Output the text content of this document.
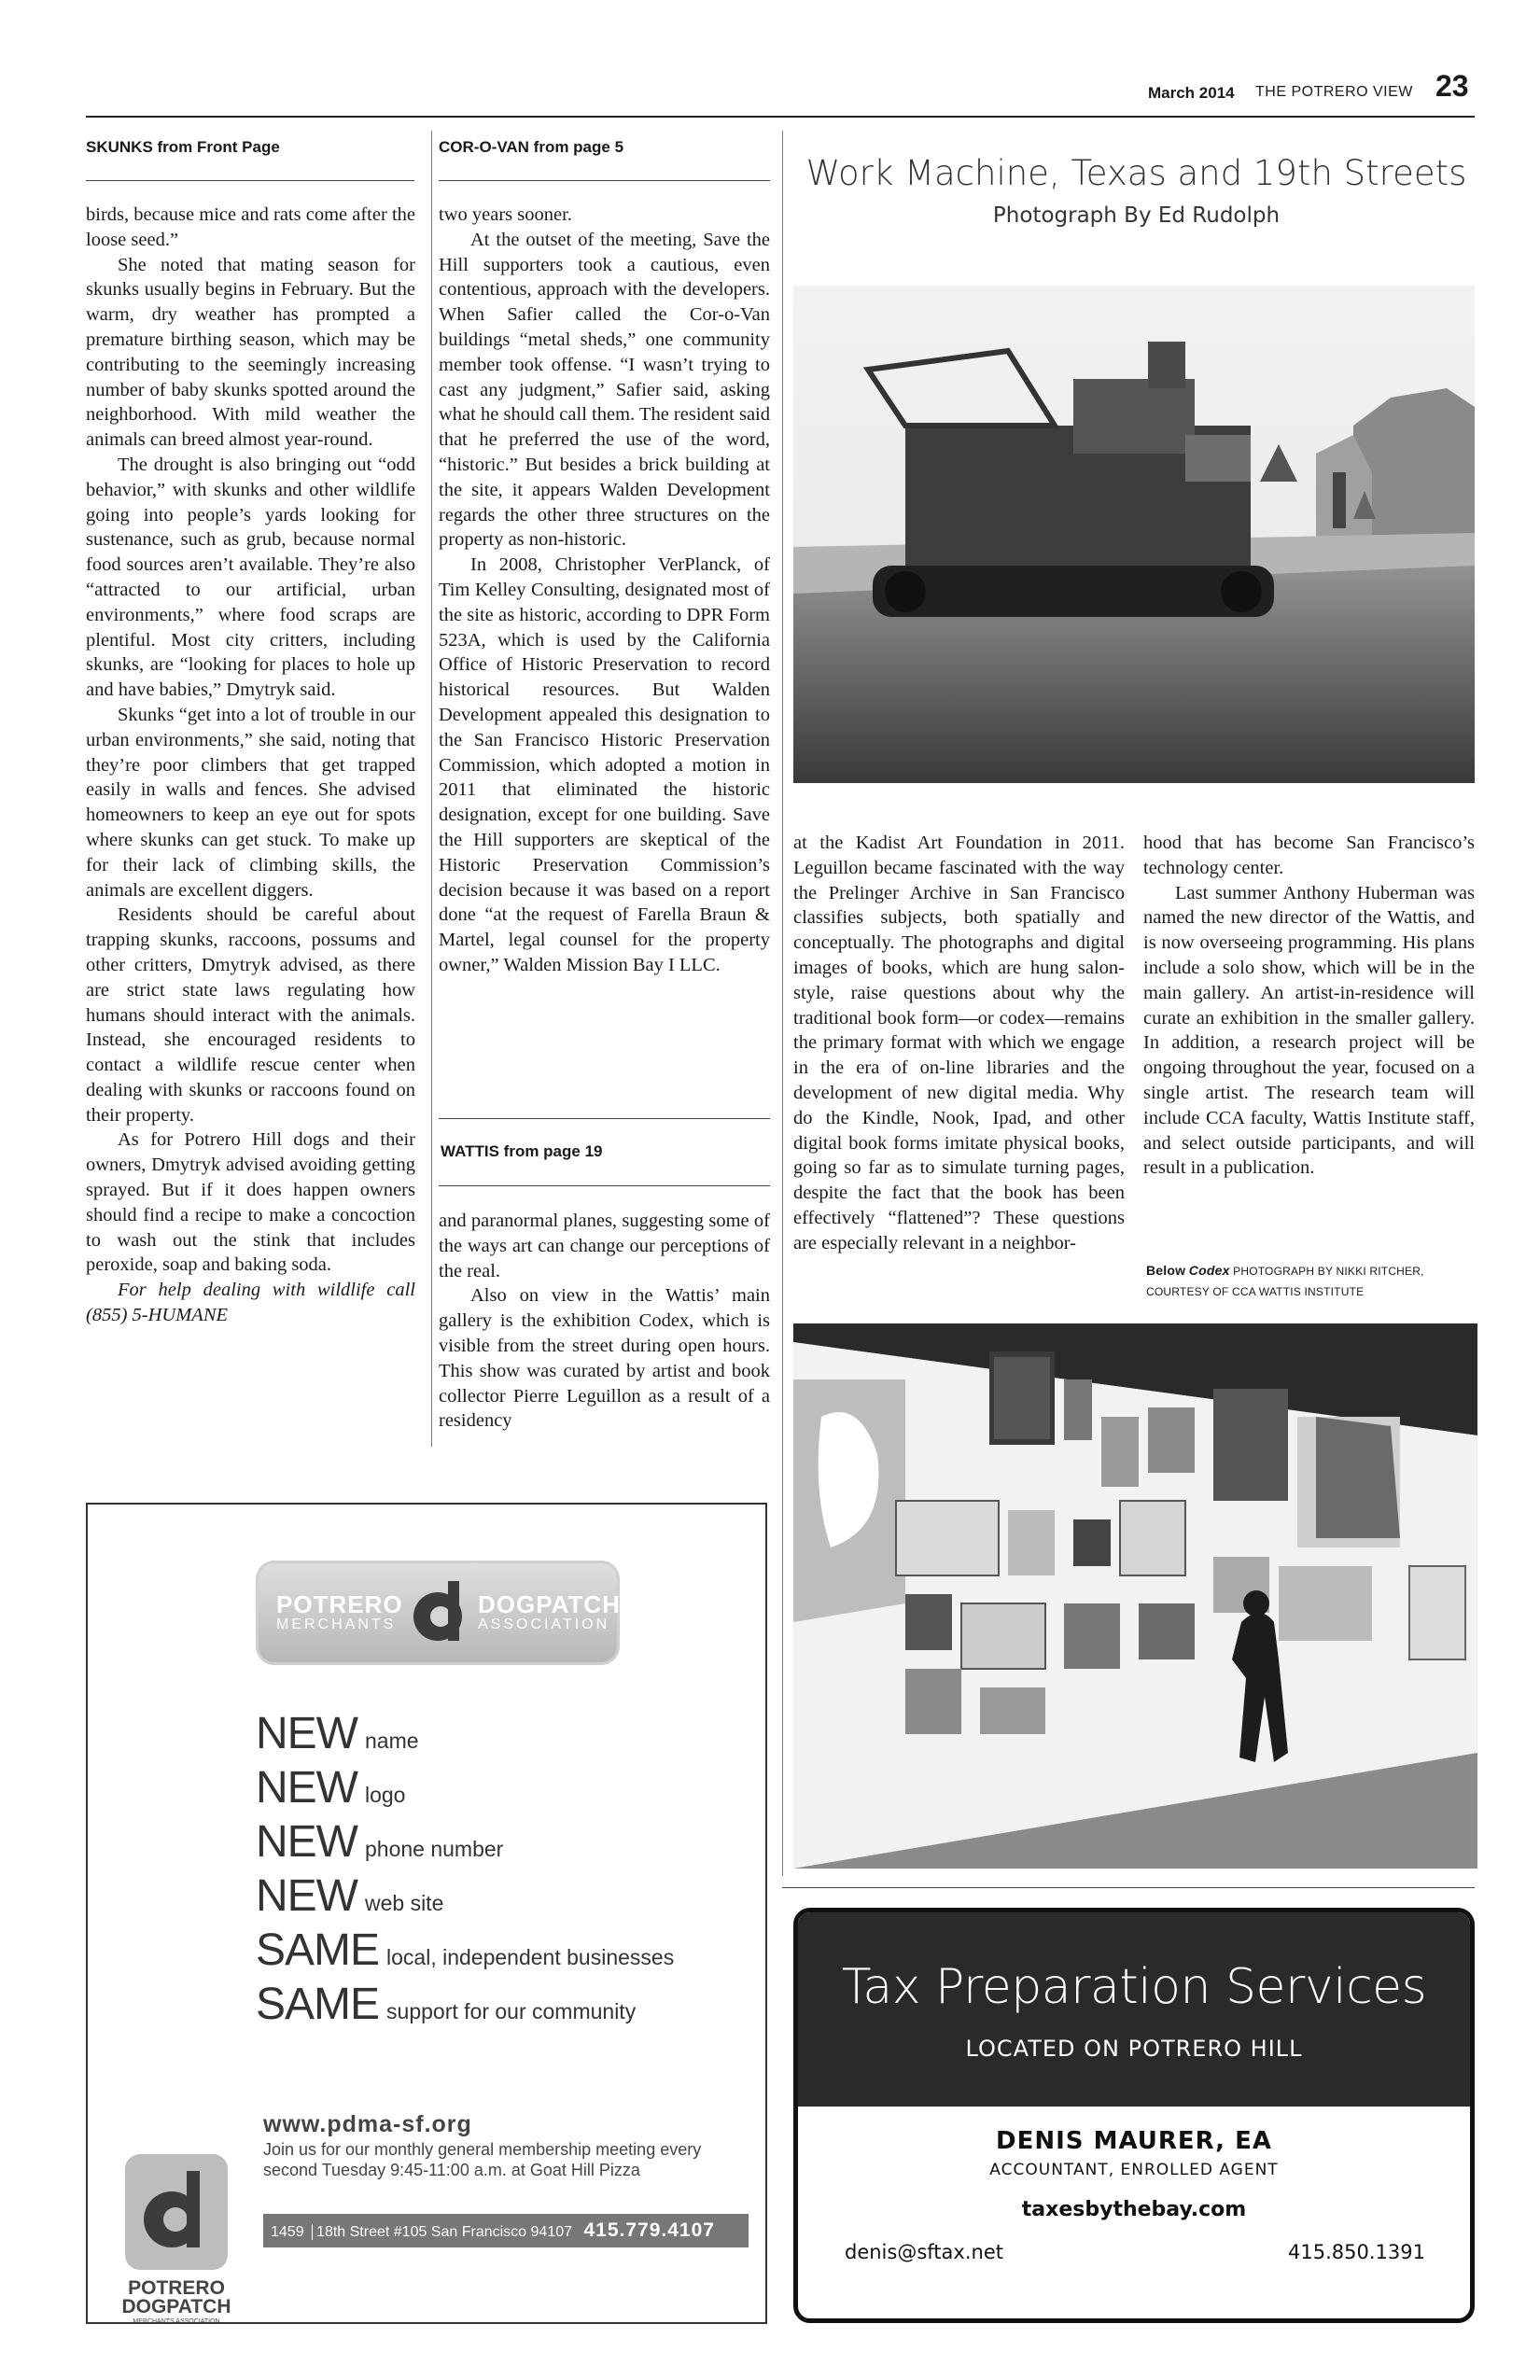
March 2014 THE POTRERO VIEW 23
SKUNKS from Front Page

birds, because mice and rats come after the loose seed.”

She noted that mating season for skunks usually begins in February. But the warm, dry weather has prompted a premature birthing season, which may be contributing to the seemingly increasing number of baby skunks spotted around the neighborhood. With mild weather the animals can breed almost year-round.

The drought is also bringing out “odd behavior,” with skunks and other wildlife going into people’s yards looking for sustenance, such as grub, because normal food sources aren’t available. They’re also “attracted to our artificial, urban environments,” where food scraps are plentiful. Most city critters, including skunks, are “looking for places to hole up and have babies,” Dmytryk said.

Skunks “get into a lot of trouble in our urban environments,” she said, noting that they’re poor climbers that get trapped easily in walls and fences. She advised homeowners to keep an eye out for spots where skunks can get stuck. To make up for their lack of climbing skills, the animals are excellent diggers.

Residents should be careful about trapping skunks, raccoons, possums and other critters, Dmytryk advised, as there are strict state laws regulating how humans should interact with the animals. Instead, she encouraged residents to contact a wildlife rescue center when dealing with skunks or raccoons found on their property.

As for Potrero Hill dogs and their owners, Dmytryk advised avoiding getting sprayed. But if it does happen owners should find a recipe to make a concoction to wash out the stink that includes peroxide, soap and baking soda.

For help dealing with wildlife call (855) 5-HUMANE

COR-O-VAN from page 5

two years sooner.

At the outset of the meeting, Save the Hill supporters took a cautious, even contentious, approach with the developers. When Safier called the Cor-o-Van buildings “metal sheds,” one community member took offense. “I wasn’t trying to cast any judgment,” Safier said, asking what he should call them. The resident said that he preferred the use of the word, “historic.” But besides a brick building at the site, it appears Walden Development regards the other three structures on the property as non-historic.

In 2008, Christopher VerPlanck, of Tim Kelley Consulting, designated most of the site as historic, according to DPR Form 523A, which is used by the California Office of Historic Preservation to record historical resources. But Walden Development appealed this designation to the San Francisco Historic Preservation Commission, which adopted a motion in 2011 that eliminated the historic designation, except for one building. Save the Hill supporters are skeptical of the Historic Preservation Commission’s decision because it was based on a report done “at the request of Farella Braun & Martel, legal counsel for the property owner,” Walden Mission Bay I LLC.

WATTIS from page 19

and paranormal planes, suggesting some of the ways art can change our perceptions of the real.

Also on view in the Wattis’ main gallery is the exhibition Codex, which is visible from the street during open hours. This show was curated by artist and book collector Pierre Leguillon as a result of a residency

Work Machine, Texas and 19th Streets
Photograph By Ed Rudolph

at the Kadist Art Foundation in 2011. Leguillon became fascinated with the way the Prelinger Archive in San Francisco classifies subjects, both spatially and conceptually. The photographs and digital images of books, which are hung salon-style, raise questions about why the traditional book form—or codex—remains the primary format with which we engage in the era of on-line libraries and the development of new digital media. Why do the Kindle, Nook, Ipad, and other digital book forms imitate physical books, going so far as to simulate turning pages, despite the fact that the book has been effectively “flattened”? These questions are especially relevant in a neighbor-

hood that has become San Francisco’s technology center.

Last summer Anthony Huberman was named the new director of the Wattis, and is now overseeing programming. His plans include a solo show, which will be in the main gallery. An artist-in-residence will curate an exhibition in the smaller gallery. In addition, a research project will be ongoing throughout the year, focused on a single artist. The research team will include CCA faculty, Wattis Institute staff, and select outside participants, and will result in a publication.

Below Codex PHOTOGRAPH BY NIKKI RITCHER, COURTESY OF CCA WATTIS INSTITUTE
POTRERO
MERCHANTS
DOGPATCH
ASSOCIATION
NEW name
NEW logo
NEW phone number
NEW web site
SAME local, independent businesses
SAME support for our community
www.pdma-sf.org
Join us for our monthly general membership meeting every second Tuesday 9:45-11:00 a.m. at Goat Hill Pizza
1459 18th Street #105 San Francisco 94107 415.779.4107
POTRERO DOGPATCH
MERCHANTS ASSOCIATION
Tax Preparation Services
LOCATED ON POTRERO HILL
DENIS MAURER, EA
ACCOUNTANT, ENROLLED AGENT
taxesbythebay.com
denis@sftax.net	415.850.1391
